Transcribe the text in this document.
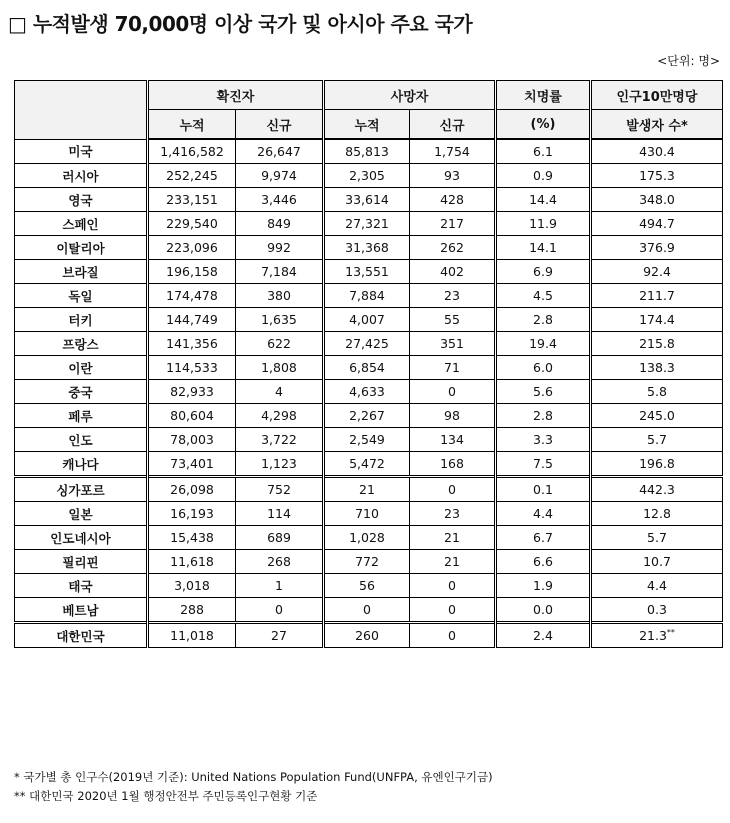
□ 누적발생 70,000명 이상 국가 및 아시아 주요 국가
<단위: 명>
	확진자		사망자		치명률	인구10만명당
	누적	신규	누적	신규	(%)	발생자 수*
미국	1,416,582	26,647	85,813	1,754	6.1	430.4
러시아	252,245	9,974	2,305	93	0.9	175.3
영국	233,151	3,446	33,614	428	14.4	348.0
스페인	229,540	849	27,321	217	11.9	494.7
이탈리아	223,096	992	31,368	262	14.1	376.9
브라질	196,158	7,184	13,551	402	6.9	92.4
독일	174,478	380	7,884	23	4.5	211.7
터키	144,749	1,635	4,007	55	2.8	174.4
프랑스	141,356	622	27,425	351	19.4	215.8
이란	114,533	1,808	6,854	71	6.0	138.3
중국	82,933	4	4,633	0	5.6	5.8
페루	80,604	4,298	2,267	98	2.8	245.0
인도	78,003	3,722	2,549	134	3.3	5.7
캐나다	73,401	1,123	5,472	168	7.5	196.8
싱가포르	26,098	752	21	0	0.1	442.3
일본	16,193	114	710	23	4.4	12.8
인도네시아	15,438	689	1,028	21	6.7	5.7
필리핀	11,618	268	772	21	6.6	10.7
태국	3,018	1	56	0	1.9	4.4
베트남	288	0	0	0	0.0	0.3
대한민국	11,018	27	260	0	2.4	21.3**
* 국가별 총 인구수(2019년 기준): United Nations Population Fund(UNFPA, 유엔인구기금)
** 대한민국 2020년 1월 행정안전부 주민등록인구현황 기준
